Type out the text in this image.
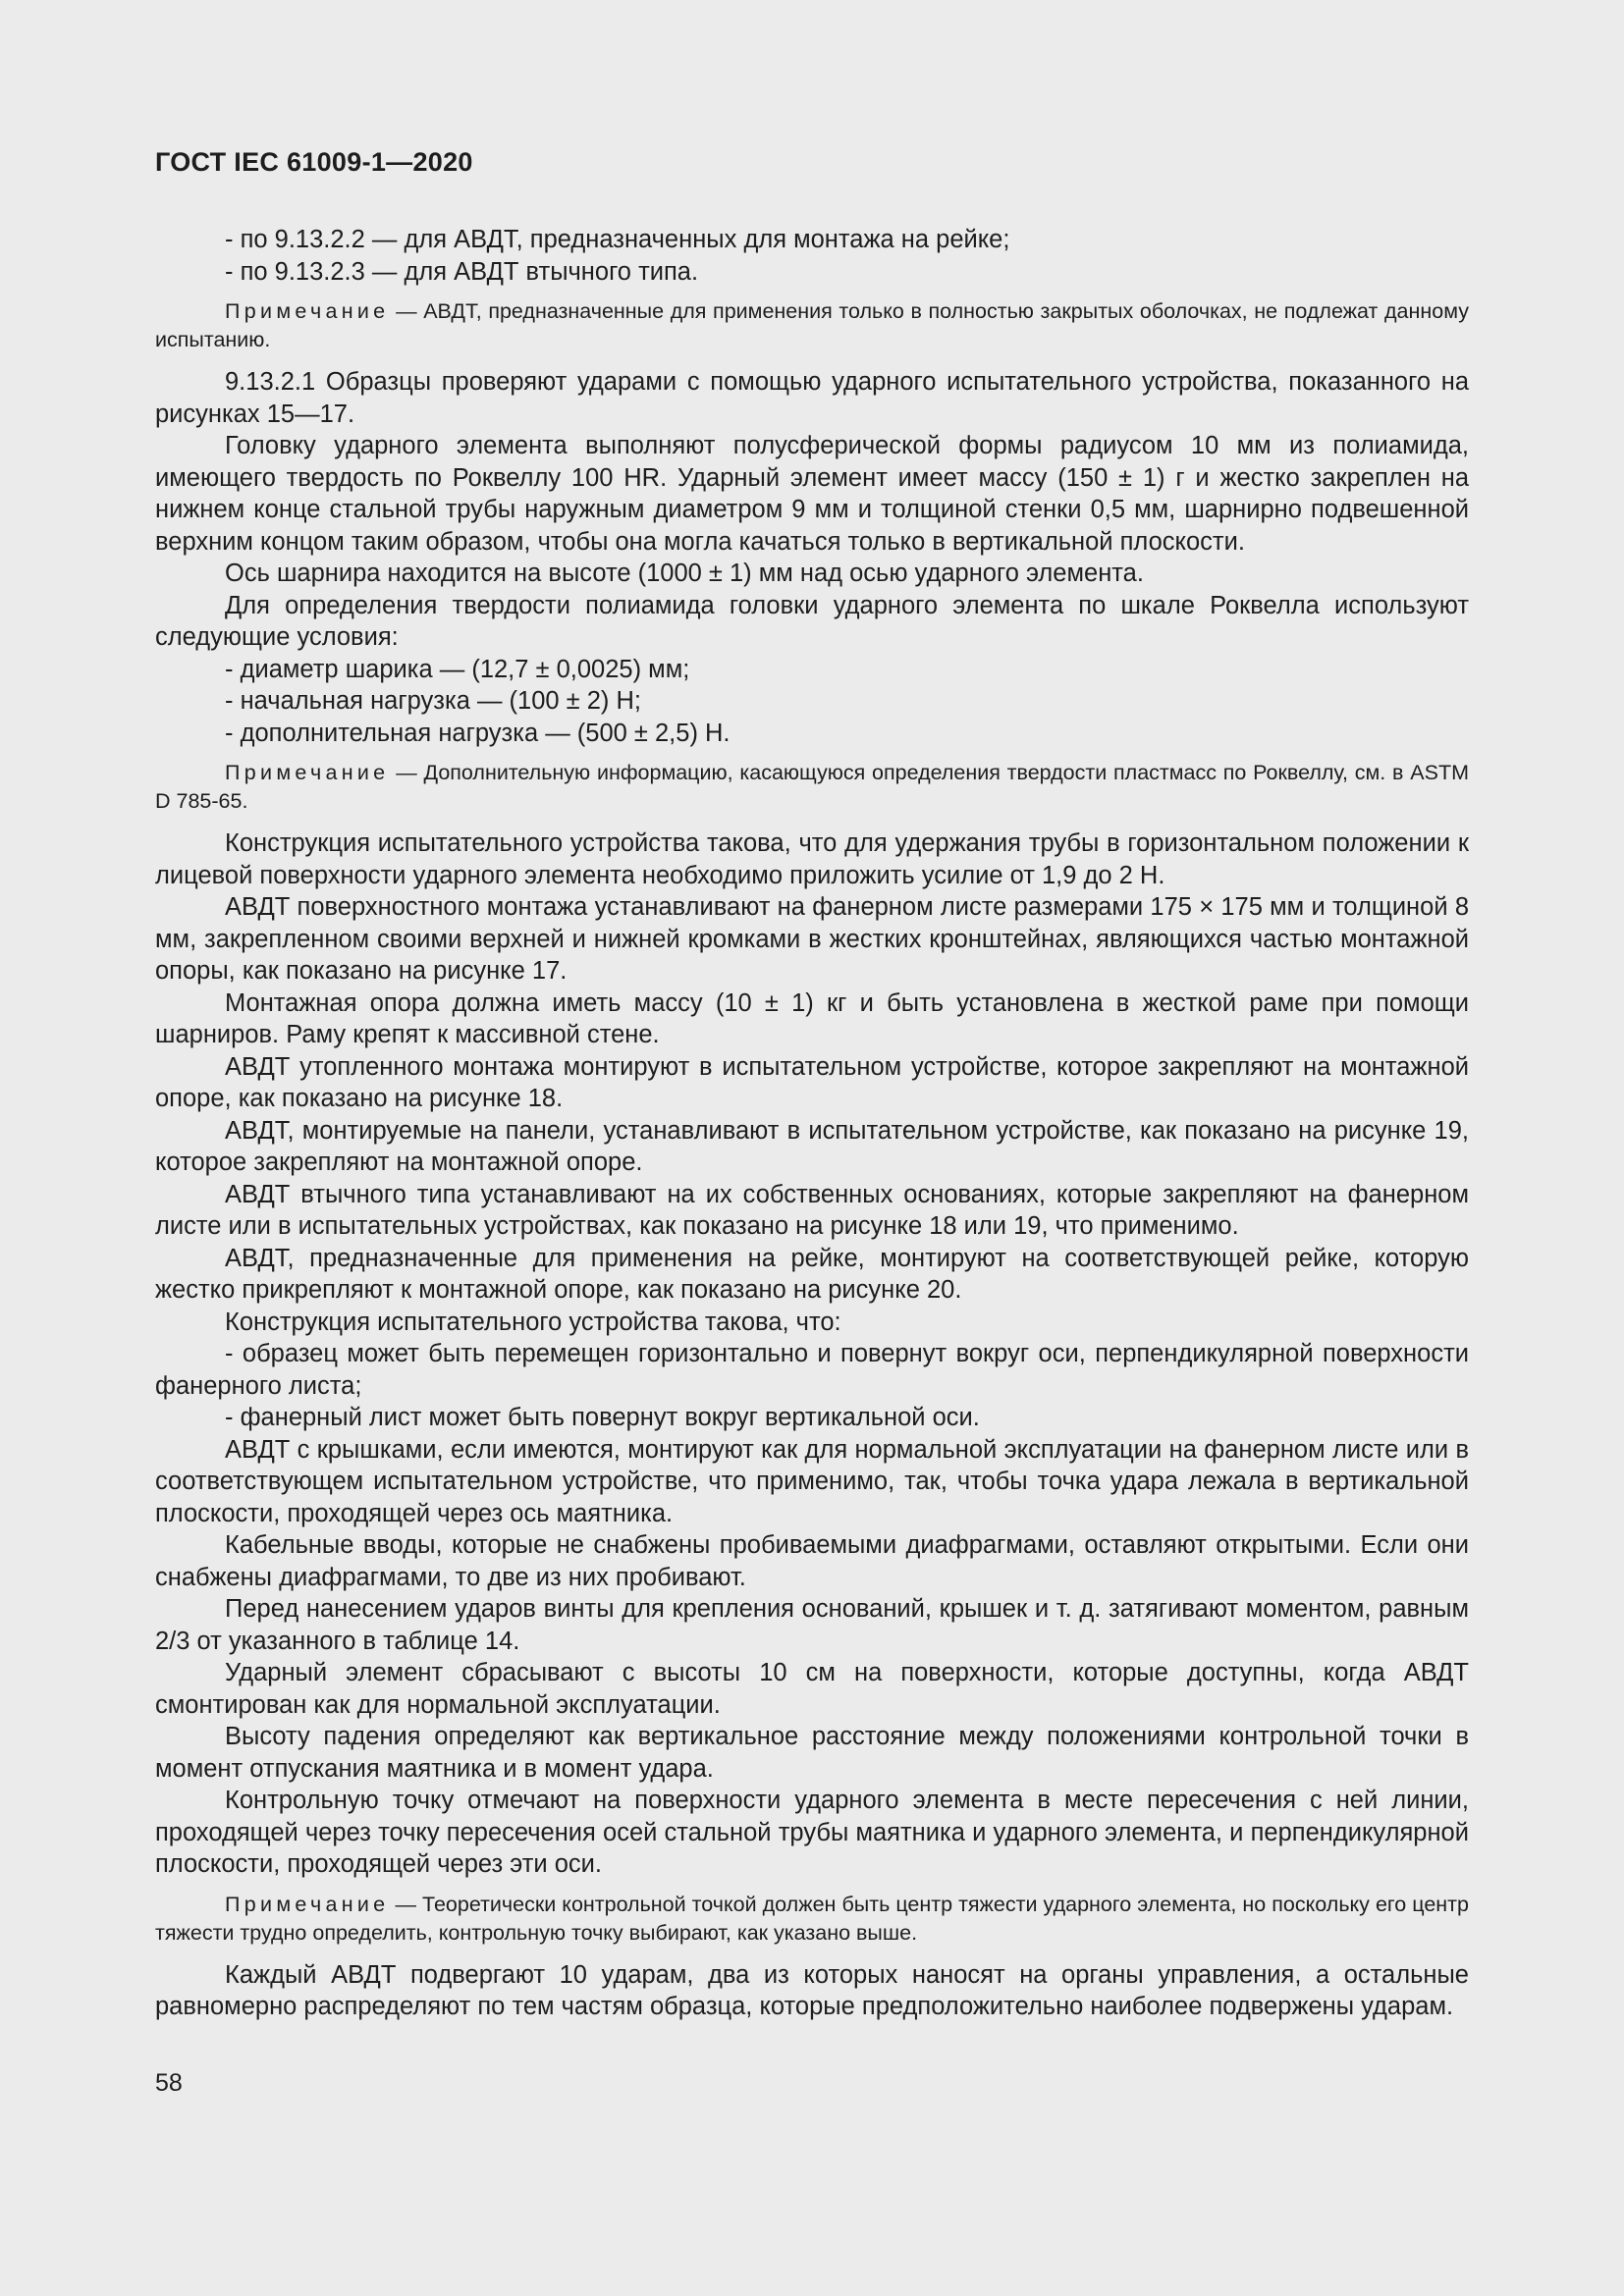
ГОСТ IEC 61009-1—2020

- по 9.13.2.2 — для АВДТ, предназначенных для монтажа на рейке;

- по 9.13.2.3 — для АВДТ втычного типа.

Примечание — АВДТ, предназначенные для применения только в полностью закрытых оболочках, не подлежат данному испытанию.

9.13.2.1 Образцы проверяют ударами с помощью ударного испытательного устройства, показанного на рисунках 15—17.

Головку ударного элемента выполняют полусферической формы радиусом 10 мм из полиамида, имеющего твердость по Роквеллу 100 HR. Ударный элемент имеет массу (150 ± 1) г и жестко закреплен на нижнем конце стальной трубы наружным диаметром 9 мм и толщиной стенки 0,5 мм, шарнирно подвешенной верхним концом таким образом, чтобы она могла качаться только в вертикальной плоскости.

Ось шарнира находится на высоте (1000 ± 1) мм над осью ударного элемента.

Для определения твердости полиамида головки ударного элемента по шкале Роквелла используют следующие условия:

- диаметр шарика — (12,7 ± 0,0025) мм;

- начальная нагрузка — (100 ± 2) Н;

- дополнительная нагрузка — (500 ± 2,5) Н.

Примечание — Дополнительную информацию, касающуюся определения твердости пластмасс по Роквеллу, см. в ASTM D 785-65.

Конструкция испытательного устройства такова, что для удержания трубы в горизонтальном положении к лицевой поверхности ударного элемента необходимо приложить усилие от 1,9 до 2 Н.

АВДТ поверхностного монтажа устанавливают на фанерном листе размерами 175 × 175 мм и толщиной 8 мм, закрепленном своими верхней и нижней кромками в жестких кронштейнах, являющихся частью монтажной опоры, как показано на рисунке 17.

Монтажная опора должна иметь массу (10 ± 1) кг и быть установлена в жесткой раме при помощи шарниров. Раму крепят к массивной стене.

АВДТ утопленного монтажа монтируют в испытательном устройстве, которое закрепляют на монтажной опоре, как показано на рисунке 18.

АВДТ, монтируемые на панели, устанавливают в испытательном устройстве, как показано на рисунке 19, которое закрепляют на монтажной опоре.

АВДТ втычного типа устанавливают на их собственных основаниях, которые закрепляют на фанерном листе или в испытательных устройствах, как показано на рисунке 18 или 19, что применимо.

АВДТ, предназначенные для применения на рейке, монтируют на соответствующей рейке, которую жестко прикрепляют к монтажной опоре, как показано на рисунке 20.

Конструкция испытательного устройства такова, что:

- образец может быть перемещен горизонтально и повернут вокруг оси, перпендикулярной поверхности фанерного листа;

- фанерный лист может быть повернут вокруг вертикальной оси.

АВДТ с крышками, если имеются, монтируют как для нормальной эксплуатации на фанерном листе или в соответствующем испытательном устройстве, что применимо, так, чтобы точка удара лежала в вертикальной плоскости, проходящей через ось маятника.

Кабельные вводы, которые не снабжены пробиваемыми диафрагмами, оставляют открытыми. Если они снабжены диафрагмами, то две из них пробивают.

Перед нанесением ударов винты для крепления оснований, крышек и т. д. затягивают моментом, равным 2/3 от указанного в таблице 14.

Ударный элемент сбрасывают с высоты 10 см на поверхности, которые доступны, когда АВДТ смонтирован как для нормальной эксплуатации.

Высоту падения определяют как вертикальное расстояние между положениями контрольной точки в момент отпускания маятника и в момент удара.

Контрольную точку отмечают на поверхности ударного элемента в месте пересечения с ней линии, проходящей через точку пересечения осей стальной трубы маятника и ударного элемента, и перпендикулярной плоскости, проходящей через эти оси.

Примечание — Теоретически контрольной точкой должен быть центр тяжести ударного элемента, но поскольку его центр тяжести трудно определить, контрольную точку выбирают, как указано выше.

Каждый АВДТ подвергают 10 ударам, два из которых наносят на органы управления, а остальные равномерно распределяют по тем частям образца, которые предположительно наиболее подвержены ударам.

58
